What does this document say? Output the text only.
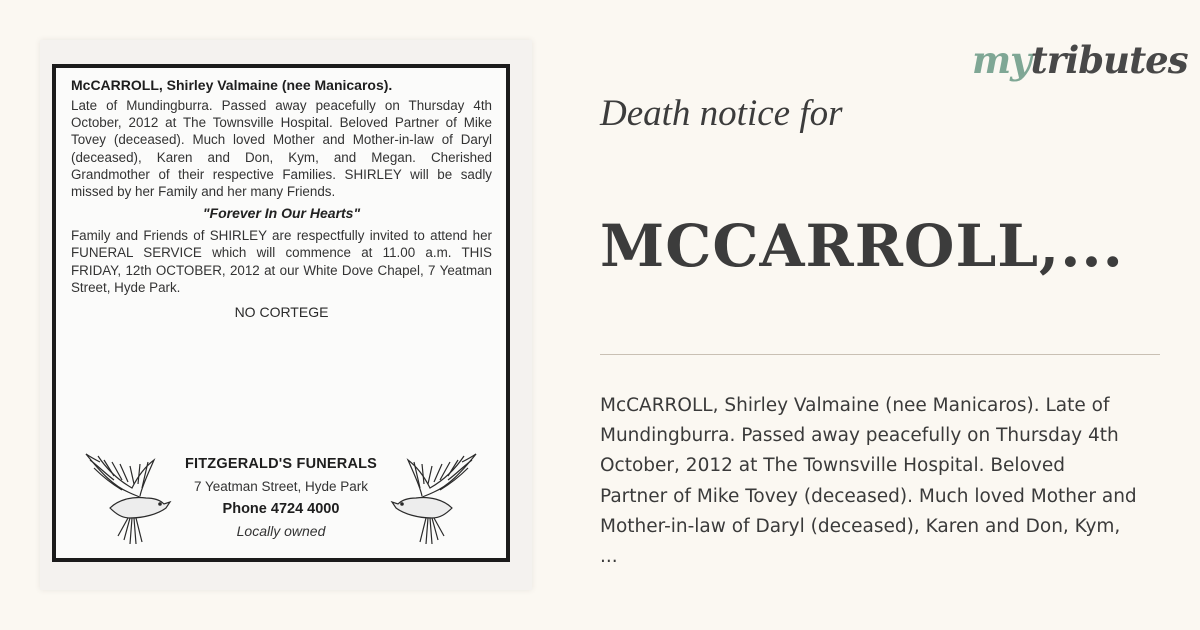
McCARROLL, Shirley Valmaine (nee Manicaros).

Late of Mundingburra. Passed away peacefully on Thursday 4th October, 2012 at The Townsville Hospital. Beloved Partner of Mike Tovey (deceased). Much loved Mother and Mother-in-law of Daryl (deceased), Karen and Don, Kym, and Megan. Cherished Grandmother of their respective Families. SHIRLEY will be sadly missed by her Family and her many Friends.

"Forever In Our Hearts"

Family and Friends of SHIRLEY are respectfully invited to attend her FUNERAL SERVICE which will commence at 11.00 a.m. THIS FRIDAY, 12th OCTOBER, 2012 at our White Dove Chapel, 7 Yeatman Street, Hyde Park.

NO CORTEGE
FITZGERALD'S FUNERALS
7 Yeatman Street, Hyde Park
Phone 4724 4000
Locally owned
mytributes
Death notice for
MCCARROLL,...
McCARROLL, Shirley Valmaine (nee Manicaros). Late of
Mundingburra. Passed away peacefully on Thursday 4th
October, 2012 at The Townsville Hospital. Beloved
Partner of Mike Tovey (deceased). Much loved Mother and
Mother-in-law of Daryl (deceased), Karen and Don, Kym,
...
